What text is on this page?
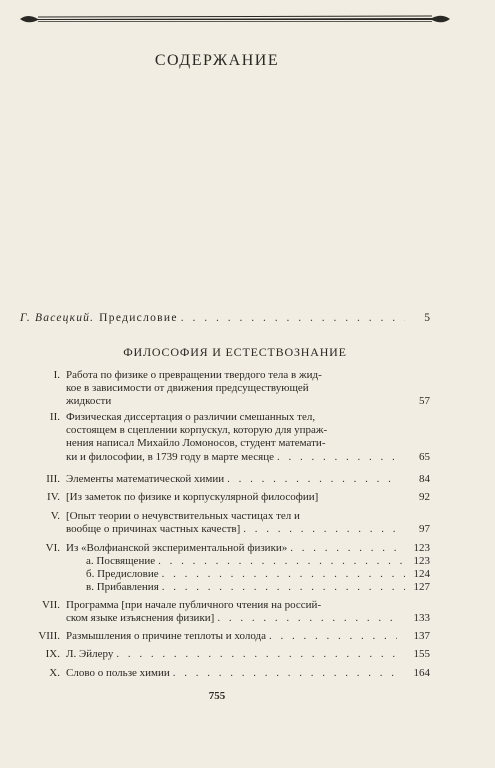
СОДЕРЖАНИЕ
Г. Васецкий. Предисловие . . .	5
ФИЛОСОФИЯ И ЕСТЕСТВОЗНАНИЕ
I. Работа по физике о превращении твердого тела в жид-
кое в зависимости от движения предсуществующей
жидкости	57
II. Физическая диссертация о различии смешанных тел,
состоящем в сцеплении корпускул, которую для упраж-
нения написал Михайло Ломоносов, студент математи-
ки и философии, в 1739 году в марте месяце . . .	65
III. Элементы математической химии . . .	84
IV. [Из заметок по физике и корпускулярной философии]	92
V. [Опыт теории о нечувствительных частицах тел и
вообще о причинах частных качеств] . . .	97
VI. Из «Волфианской экспериментальной физики» . . .	123
а. Посвящение . . .	123
б. Предисловие . . .	124
в. Прибавления . . .	127
VII. Программа [при начале публичного чтения на россий-
ском языке изъяснения физики] . . .	133
VIII. Размышления о причине теплоты и холода . . .	137
IX. Л. Эйлеру . . .	155
X. Слово о пользе химии . . .	164
755
